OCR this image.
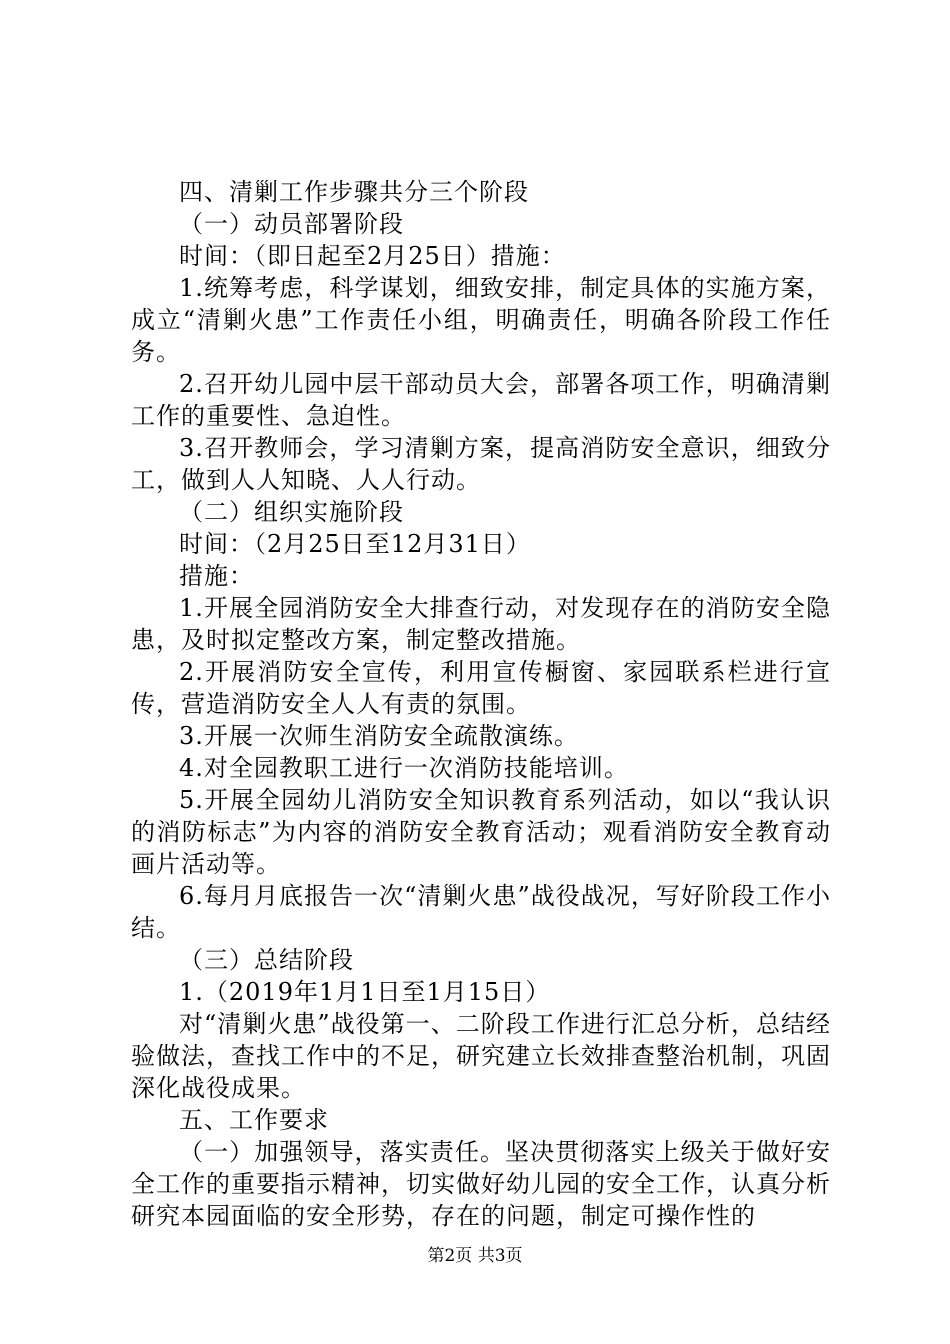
四、清剿工作步骤共分三个阶段

（一）动员部署阶段

时间：（即日起至2月25日）措施：

1.统筹考虑，科学谋划，细致安排，制定具体的实施方案，成立“清剿火患”工作责任小组，明确责任，明确各阶段工作任务。

2.召开幼儿园中层干部动员大会，部署各项工作，明确清剿工作的重要性、急迫性。

3.召开教师会，学习清剿方案，提高消防安全意识，细致分工，做到人人知晓、人人行动。

（二）组织实施阶段

时间：（2月25日至12月31日）

措施：

1.开展全园消防安全大排查行动，对发现存在的消防安全隐患，及时拟定整改方案，制定整改措施。

2.开展消防安全宣传，利用宣传橱窗、家园联系栏进行宣传，营造消防安全人人有责的氛围。

3.开展一次师生消防安全疏散演练。

4.对全园教职工进行一次消防技能培训。

5.开展全园幼儿消防安全知识教育系列活动，如以“我认识的消防标志”为内容的消防安全教育活动；观看消防安全教育动画片活动等。

6.每月月底报告一次“清剿火患”战役战况，写好阶段工作小结。

（三）总结阶段

1.（2019年1月1日至1月15日）

对“清剿火患”战役第一、二阶段工作进行汇总分析，总结经验做法，查找工作中的不足，研究建立长效排查整治机制，巩固深化战役成果。

五、工作要求

（一）加强领导，落实责任。坚决贯彻落实上级关于做好安全工作的重要指示精神，切实做好幼儿园的安全工作，认真分析研究本园面临的安全形势，存在的问题，制定可操作性的

第2页 共3页
